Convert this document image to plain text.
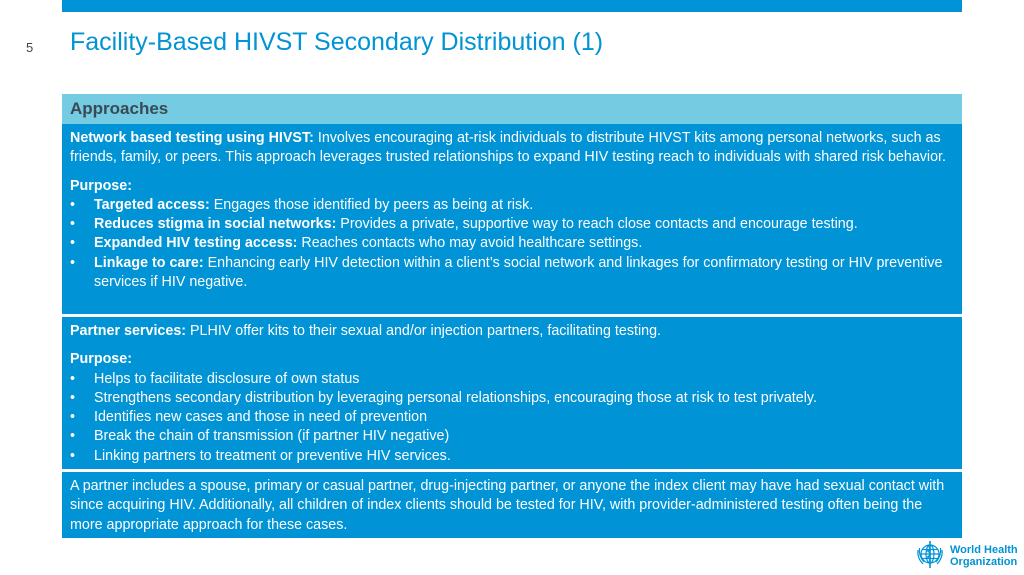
5 Facility-Based HIVST Secondary Distribution (1)
Approaches

Network based testing using HIVST: Involves encouraging at-risk individuals to distribute HIVST kits among personal networks, such as friends, family, or peers. This approach leverages trusted relationships to expand HIV testing reach to individuals with shared risk behavior.

Purpose:

• Targeted access: Engages those identified by peers as being at risk.
• Reduces stigma in social networks: Provides a private, supportive way to reach close contacts and encourage testing.
• Expanded HIV testing access: Reaches contacts who may avoid healthcare settings.
• Linkage to care: Enhancing early HIV detection within a client’s social network and linkages for confirmatory testing or HIV preventive services if HIV negative.

Partner services: PLHIV offer kits to their sexual and/or injection partners, facilitating testing.

Purpose:

• Helps to facilitate disclosure of own status
• Strengthens secondary distribution by leveraging personal relationships, encouraging those at risk to test privately.
• Identifies new cases and those in need of prevention
• Break the chain of transmission (if partner HIV negative)
• Linking partners to treatment or preventive HIV services.

A partner includes a spouse, primary or casual partner, drug-injecting partner, or anyone the index client may have had sexual contact with since acquiring HIV. Additionally, all children of index clients should be tested for HIV, with provider-administered testing often being the more appropriate approach for these cases.

World Health
Organization
